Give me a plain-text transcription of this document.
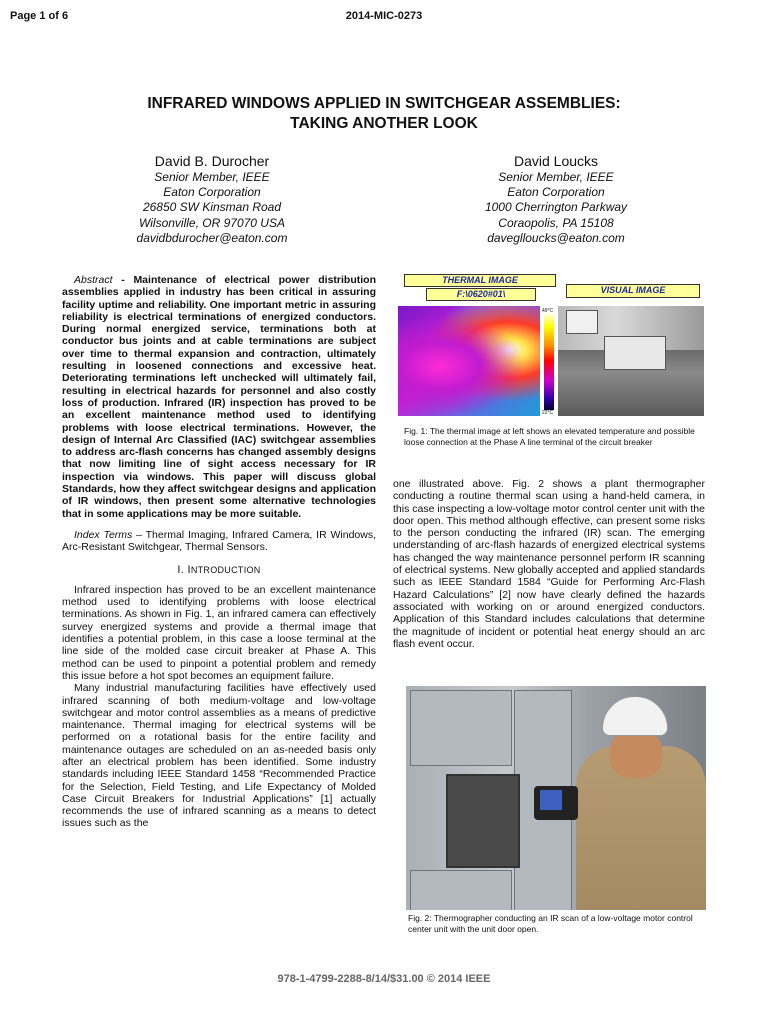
Page 1 of 6	2014-MIC-0273
INFRARED WINDOWS APPLIED IN SWITCHGEAR ASSEMBLIES:
TAKING ANOTHER LOOK
David B. Durocher
Senior Member, IEEE
Eaton Corporation
26850 SW Kinsman Road
Wilsonville, OR 97070 USA
davidbdurocher@eaton.com
David Loucks
Senior Member, IEEE
Eaton Corporation
1000 Cherrington Parkway
Coraopolis, PA 15108
daveglloucks@eaton.com

Abstract - Maintenance of electrical power distribution assemblies applied in industry has been critical in assuring facility uptime and reliability. One important metric in assuring reliability is electrical terminations of energized conductors. During normal energized service, terminations both at conductor bus joints and at cable terminations are subject over time to thermal expansion and contraction, ultimately resulting in loosened connections and excessive heat. Deteriorating terminations left unchecked will ultimately fail, resulting in electrical hazards for personnel and also costly loss of production. Infrared (IR) inspection has proved to be an excellent maintenance method used to identifying problems with loose electrical terminations. However, the design of Internal Arc Classified (IAC) switchgear assemblies to address arc-flash concerns has changed assembly designs that now limiting line of sight access necessary for IR inspection via windows. This paper will discuss global Standards, how they affect switchgear designs and application of IR windows, then present some alternative technologies that in some applications may be more suitable.

Index Terms – Thermal Imaging, Infrared Camera, IR Windows, Arc-Resistant Switchgear, Thermal Sensors.

I. INTRODUCTION

Infrared inspection has proved to be an excellent maintenance method used to identifying problems with loose electrical terminations. As shown in Fig. 1, an infrared camera can effectively survey energized systems and provide a thermal image that identifies a potential problem, in this case a loose terminal at the line side of the molded case circuit breaker at Phase A. This method can be used to pinpoint a potential problem and remedy this issue before a hot spot becomes an equipment failure.

Many industrial manufacturing facilities have effectively used infrared scanning of both medium-voltage and low-voltage switchgear and motor control assemblies as a means of predictive maintenance. Thermal imaging for electrical systems will be performed on a rotational basis for the entire facility and maintenance outages are scheduled on an as-needed basis only after an electrical problem has been identified. Some industry standards including IEEE Standard 1458 “Recommended Practice for the Selection, Field Testing, and Life Expectancy of Molded Case Circuit Breakers for Industrial Applications” [1] actually recommends the use of infrared scanning as a means to detect issues such as the

THERMAL IMAGE
F:\0620#01\	VISUAL IMAGE
49°C
22°C
Fig. 1: The thermal image at left shows an elevated temperature and possible loose connection at the Phase A line terminal of the circuit breaker

one illustrated above. Fig. 2 shows a plant thermographer conducting a routine thermal scan using a hand-held camera, in this case inspecting a low-voltage motor control center unit with the door open. This method although effective, can present some risks to the person conducting the infrared (IR) scan. The emerging understanding of arc-flash hazards of energized electrical systems has changed the way maintenance personnel perform IR scanning of electrical systems. New globally accepted and applied standards such as IEEE Standard 1584 “Guide for Performing Arc-Flash Hazard Calculations” [2] now have clearly defined the hazards associated with working on or around energized conductors. Application of this Standard includes calculations that determine the magnitude of incident or potential heat energy should an arc flash event occur.

Fig. 2: Thermographer conducting an IR scan of a low-voltage motor control center unit with the unit door open.
978-1-4799-2288-8/14/$31.00 © 2014 IEEE
